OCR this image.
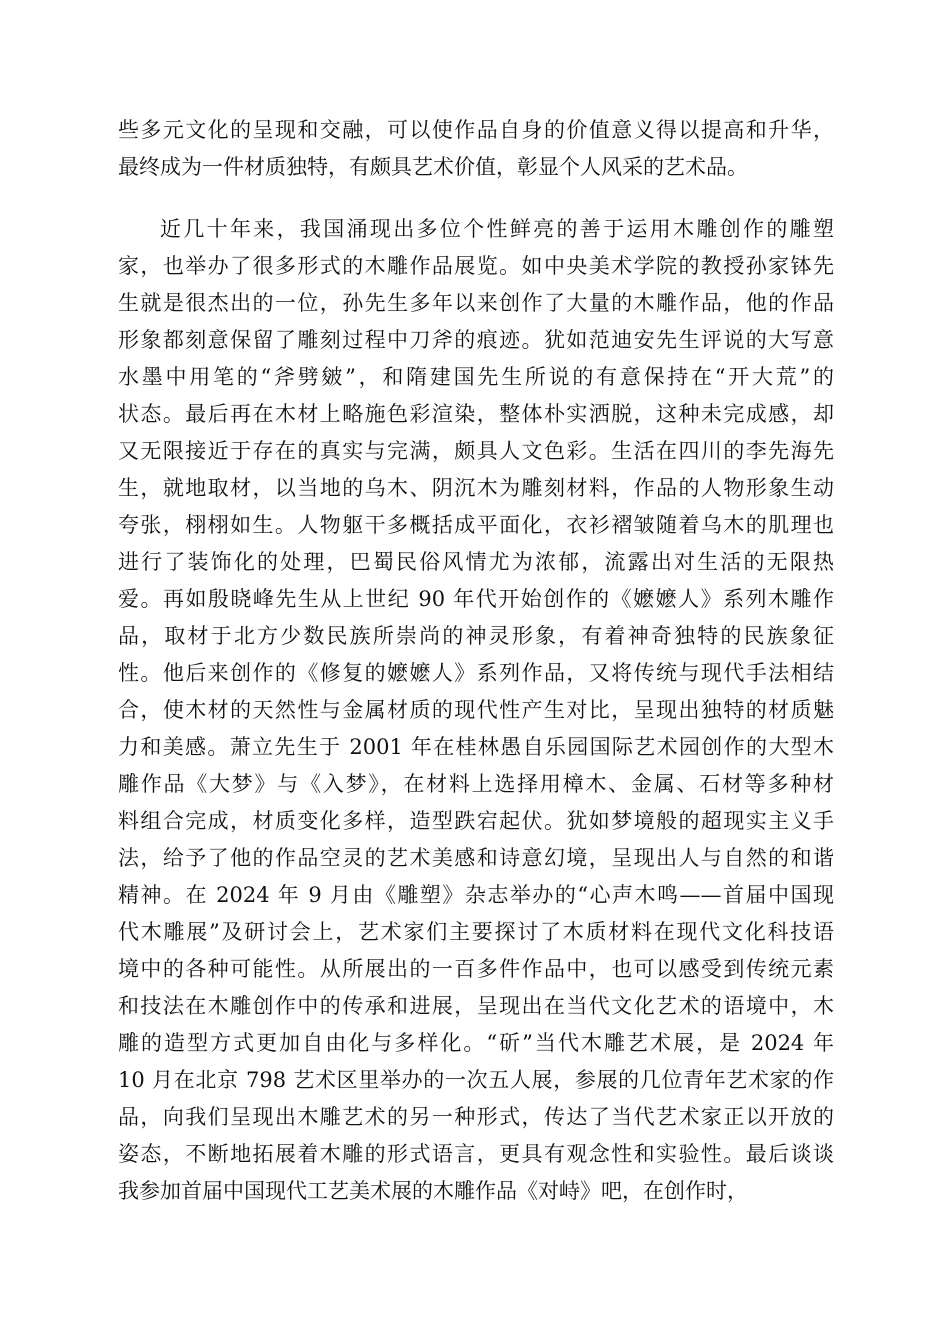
些多元文化的呈现和交融，可以使作品自身的价值意义得以提高和升华，
最终成为一件材质独特，有颇具艺术价值，彰显个人风采的艺术品。
近几十年来，我国涌现出多位个性鲜亮的善于运用木雕创作的雕塑
家，也举办了很多形式的木雕作品展览。如中央美术学院的教授孙家钵先
生就是很杰出的一位，孙先生多年以来创作了大量的木雕作品，他的作品
形象都刻意保留了雕刻过程中刀斧的痕迹。犹如范迪安先生评说的大写意
水墨中用笔的“斧劈皴”，和隋建国先生所说的有意保持在“开大荒”的
状态。最后再在木材上略施色彩渲染，整体朴实洒脱，这种未完成感，却
又无限接近于存在的真实与完满，颇具人文色彩。生活在四川的李先海先
生，就地取材，以当地的乌木、阴沉木为雕刻材料，作品的人物形象生动
夸张，栩栩如生。人物躯干多概括成平面化，衣衫褶皱随着乌木的肌理也
进行了装饰化的处理，巴蜀民俗风情尤为浓郁，流露出对生活的无限热
爱。再如殷晓峰先生从上世纪 90 年代开始创作的《嬷嬷人》系列木雕作
品，取材于北方少数民族所崇尚的神灵形象，有着神奇独特的民族象征
性。他后来创作的《修复的嬷嬷人》系列作品，又将传统与现代手法相结
合，使木材的天然性与金属材质的现代性产生对比，呈现出独特的材质魅
力和美感。萧立先生于 2001 年在桂林愚自乐园国际艺术园创作的大型木
雕作品《大梦》与《入梦》，在材料上选择用樟木、金属、石材等多种材
料组合完成，材质变化多样，造型跌宕起伏。犹如梦境般的超现实主义手
法，给予了他的作品空灵的艺术美感和诗意幻境，呈现出人与自然的和谐
精神。在 2024 年 9 月由《雕塑》杂志举办的“心声木鸣——首届中国现
代木雕展”及研讨会上，艺术家们主要探讨了木质材料在现代文化科技语
境中的各种可能性。从所展出的一百多件作品中，也可以感受到传统元素
和技法在木雕创作中的传承和进展，呈现出在当代文化艺术的语境中，木
雕的造型方式更加自由化与多样化。“斫”当代木雕艺术展，是 2024 年
10 月在北京 798 艺术区里举办的一次五人展，参展的几位青年艺术家的作
品，向我们呈现出木雕艺术的另一种形式，传达了当代艺术家正以开放的
姿态，不断地拓展着木雕的形式语言，更具有观念性和实验性。最后谈谈
我参加首届中国现代工艺美术展的木雕作品《对峙》吧，在创作时，
